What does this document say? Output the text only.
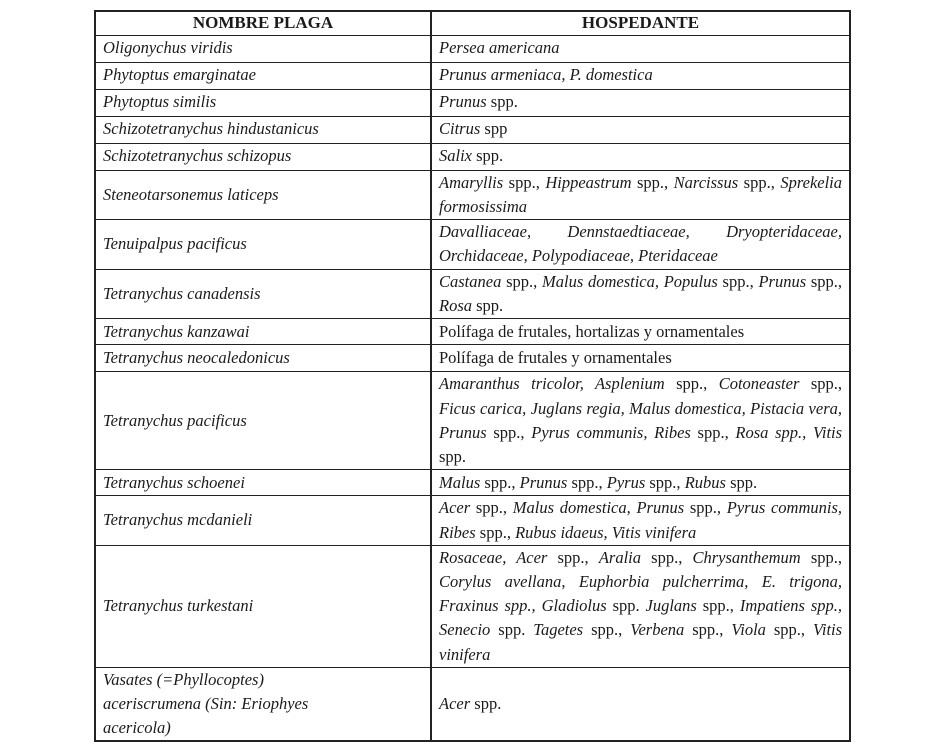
NOMBRE PLAGA	HOSPEDANTE
Oligonychus viridis	Persea americana
Phytoptus emarginatae	Prunus armeniaca, P. domestica
Phytoptus similis	Prunus spp.
Schizotetranychus hindustanicus	Citrus spp
Schizotetranychus schizopus	Salix spp.
Steneotarsonemus laticeps	Amaryllis spp., Hippeastrum spp., Narcissus spp., Sprekelia formosissima
Tenuipalpus pacificus	Davalliaceae, Dennstaedtiaceae, Dryopteridaceae, Orchidaceae, Polypodiaceae, Pteridaceae
Tetranychus canadensis	Castanea spp., Malus domestica, Populus spp., Prunus spp., Rosa spp.
Tetranychus kanzawai	Polífaga de frutales, hortalizas y ornamentales
Tetranychus neocaledonicus	Polífaga de frutales y ornamentales
Tetranychus pacificus	Amaranthus tricolor, Asplenium spp., Cotoneaster spp., Ficus carica, Juglans regia, Malus domestica, Pistacia vera, Prunus spp., Pyrus communis, Ribes spp., Rosa spp., Vitis spp.
Tetranychus schoenei	Malus spp., Prunus spp., Pyrus spp., Rubus spp.
Tetranychus mcdanieli	Acer spp., Malus domestica, Prunus spp., Pyrus communis, Ribes spp., Rubus idaeus, Vitis vinifera
Tetranychus turkestani	Rosaceae, Acer spp., Aralia spp., Chrysanthemum spp., Corylus avellana, Euphorbia pulcherrima, E. trigona, Fraxinus spp., Gladiolus spp. Juglans spp., Impatiens spp., Senecio spp. Tagetes spp., Verbena spp., Viola spp., Vitis vinifera
Vasates (=Phyllocoptes)
aceriscrumena (Sin: Eriophyes
acericola)	Acer spp.
